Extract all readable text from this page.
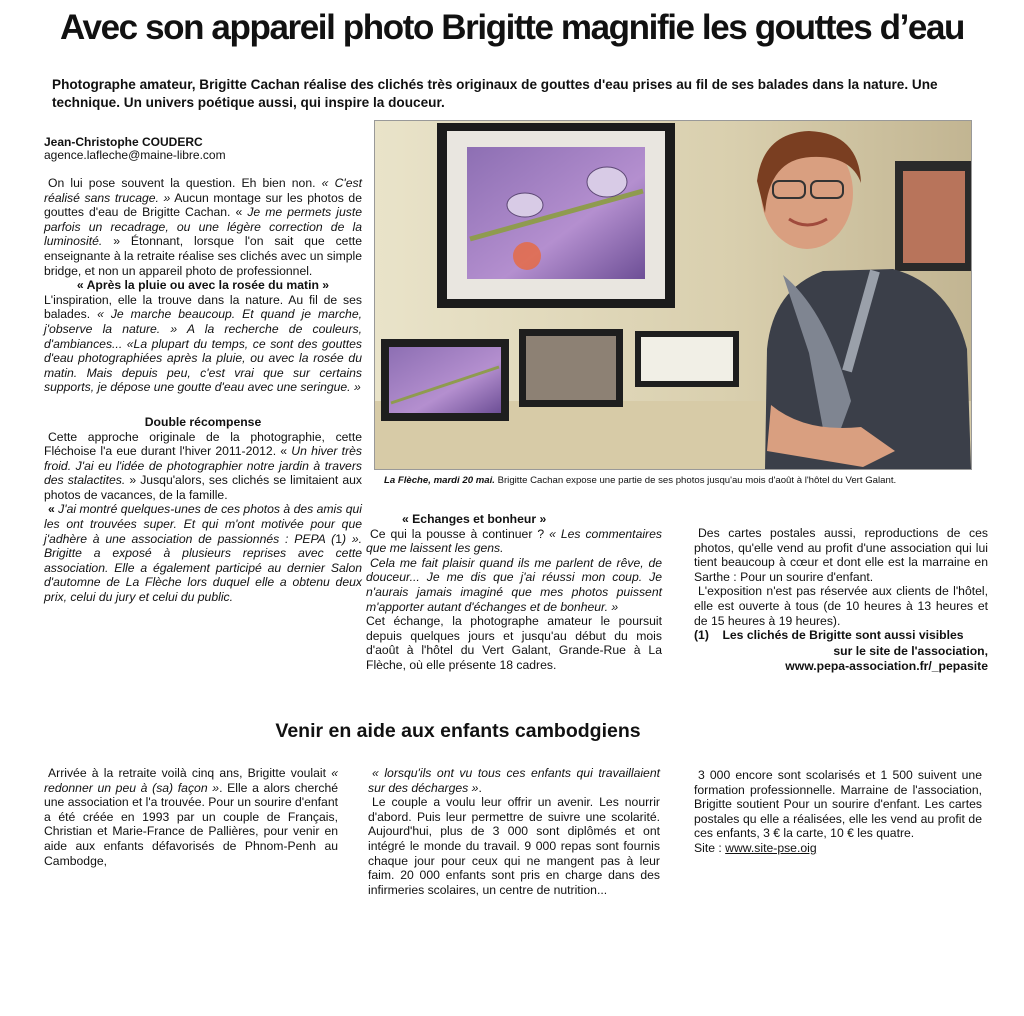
Avec son appareil photo Brigitte magnifie les gouttes d’eau
Photographe amateur, Brigitte Cachan réalise des clichés très originaux de gouttes d'eau prises au fil de ses balades dans la nature. Une technique. Un univers poétique aussi, qui inspire la douceur.
Jean-Christophe COUDERC
agence.lafleche@maine-libre.com

On lui pose souvent la question. Eh bien non. « C'est réalisé sans trucage. » Aucun montage sur les photos de gouttes d'eau de Brigitte Cachan. « Je me permets juste parfois un recadrage, ou une légère correction de la luminosité. » Étonnant, lorsque l'on sait que cette enseignante à la retraite réalise ses clichés avec un simple bridge, et non un appareil photo de professionnel.

« Après la pluie ou avec la rosée du matin »

L'inspiration, elle la trouve dans la nature. Au fil de ses balades. « Je marche beaucoup. Et quand je marche, j'observe la nature. » A la recherche de couleurs, d'ambiances... «La plupart du temps, ce sont des gouttes d'eau photographiées après la pluie, ou avec la rosée du matin. Mais depuis peu, c'est vrai que sur certains supports, je dépose une goutte d'eau avec une seringue. »

Double récompense

Cette approche originale de la photographie, cette Fléchoise l'a eue durant l'hiver 2011-2012. « Un hiver très froid. J'ai eu l'idée de photographier notre jardin à travers des stalactites. » Jusqu'alors, ses clichés se limitaient aux photos de vacances, de la famille.

« J'ai montré quelques-unes de ces photos à des amis qui les ont trouvées super. Et qui m'ont motivée pour que j'adhère à une association de passionnés : PEPA (1) ». Brigitte a exposé à plusieurs reprises avec cette association. Elle a également participé au dernier Salon d'automne de La Flèche lors duquel elle a obtenu deux prix, celui du jury et celui du public.

La Flèche, mardi 20 mai. Brigitte Cachan expose une partie de ses photos jusqu'au mois d'août à l'hôtel du Vert Galant.

« Echanges et bonheur »

Ce qui la pousse à continuer ? « Les commentaires que me laissent les gens.

Cela me fait plaisir quand ils me parlent de rêve, de douceur... Je me dis que j'ai réussi mon coup. Je n'aurais jamais imaginé que mes photos puissent m'apporter autant d'échanges et de bonheur. »

Cet échange, la photographe amateur le poursuit depuis quelques jours et jusqu'au début du mois d'août à l'hôtel du Vert Galant, Grande-Rue à La Flèche, où elle présente 18 cadres.

Des cartes postales aussi, reproductions de ces photos, qu'elle vend au profit d'une association qui lui tient beaucoup à cœur et dont elle est la marraine en Sarthe : Pour un sourire d'enfant.

L'exposition n'est pas réservée aux clients de l'hôtel, elle est ouverte à tous (de 10 heures à 13 heures et de 15 heures à 19 heures).

(1)    Les clichés de Brigitte sont aussi visibles

sur le site de l'association,

www.pepa-association.fr/_pepasite

Venir en aide aux enfants cambodgiens

Arrivée à la retraite voilà cinq ans, Brigitte voulait « redonner un peu à (sa) façon ». Elle a alors cherché une association et l'a trouvée. Pour un sourire d'enfant a été créée en 1993 par un couple de Français, Christian et Marie-France de Pallières, pour venir en aide aux enfants défavorisés de Phnom-Penh au Cambodge,

« lorsqu'ils ont vu tous ces enfants qui travaillaient sur des décharges ».

Le couple a voulu leur offrir un avenir. Les nourrir d'abord. Puis leur permettre de suivre une scolarité. Aujourd'hui, plus de 3 000 sont diplômés et ont intégré le monde du travail. 9 000 repas sont fournis chaque jour pour ceux qui ne mangent pas à leur faim. 20 000 enfants sont pris en charge dans des infirmeries scolaires, un centre de nutrition...

3 000 encore sont scolarisés et 1 500 suivent une formation professionnelle. Marraine de l'association, Brigitte soutient Pour un sourire d'enfant. Les cartes postales qu elle a réalisées, elle les vend au profit de ces enfants, 3 € la carte, 10 € les quatre.

Site : www.site-pse.oig
